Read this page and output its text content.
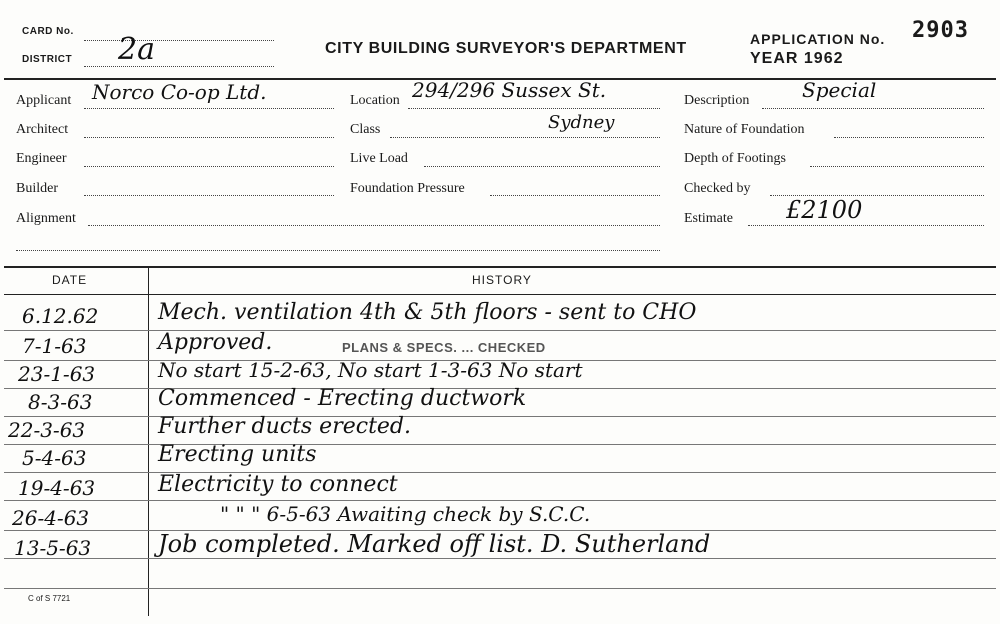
CARD No.
DISTRICT 2a	CITY BUILDING SURVEYOR'S DEPARTMENT
APPLICATION No. 2903
YEAR 1962
Applicant Norco Co-op Ltd.
Architect
Engineer
Builder
Alignment
Location 294/296 Sussex St.
Class	Sydney
Live Load
Foundation Pressure
Description	Special
Nature of Foundation
Depth of Footings
Checked by
Estimate £2100
DATE	HISTORY
6.12.62	Mech. ventilation 4th & 5th floors - sent to CHO
7-1-63	Approved.	PLANS & SPECS. ... CHECKED
23-1-63	No start 15-2-63, No start 1-3-63 No start
8-3-63	Commenced - Erecting ductwork
22-3-63	Further ducts erected.
5-4-63	Erecting units
19-4-63	Electricity to connect
26-4-63	" " " 6-5-63 Awaiting check by S.C.C.
13-5-63	Job completed. Marked off list. D. Sutherland
C of S 7721
